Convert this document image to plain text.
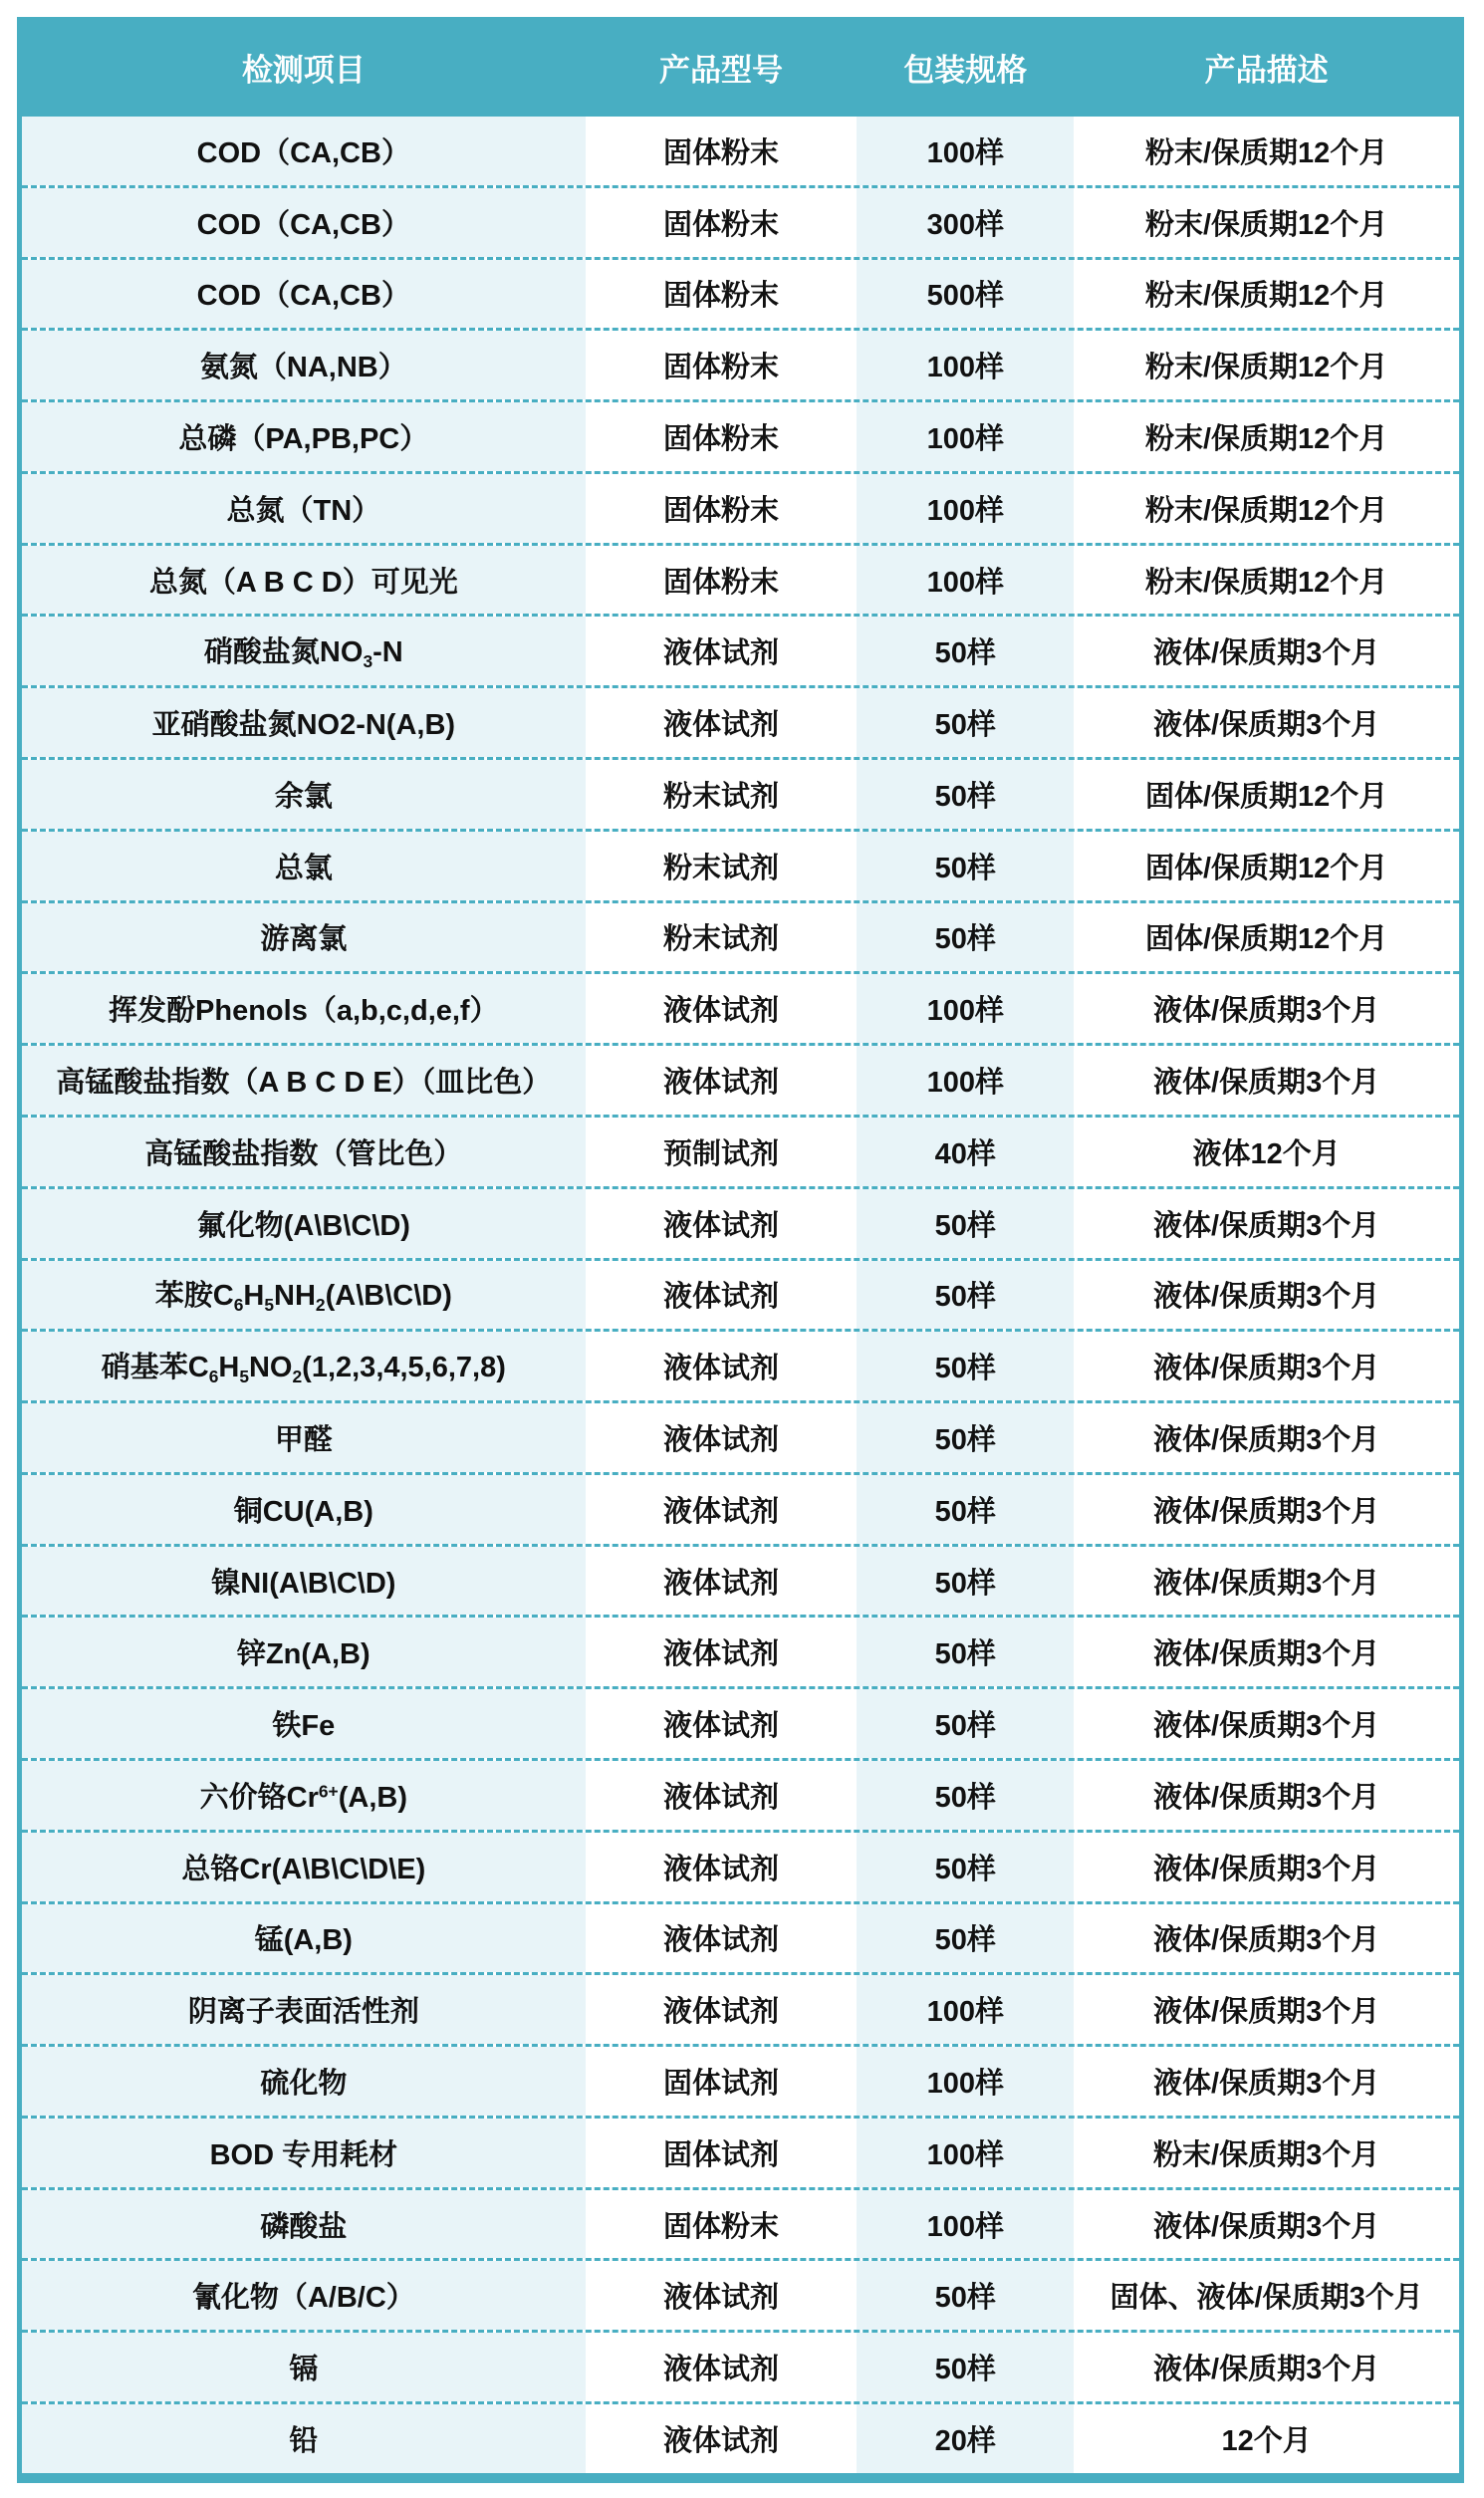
检测项目	产品型号	包装规格	产品描述
COD（CA,CB）	固体粉末	100样	粉末/保质期12个月
COD（CA,CB）	固体粉末	300样	粉末/保质期12个月
COD（CA,CB）	固体粉末	500样	粉末/保质期12个月
氨氮（NA,NB）	固体粉末	100样	粉末/保质期12个月
总磷（PA,PB,PC）	固体粉末	100样	粉末/保质期12个月
总氮（TN）	固体粉末	100样	粉末/保质期12个月
总氮（A B C D）可见光	固体粉末	100样	粉末/保质期12个月
硝酸盐氮$NO_3-N$	液体试剂	50样	液体/保质期3个月
亚硝酸盐氮NO2-N(A,B)	液体试剂	50样	液体/保质期3个月
余氯	粉末试剂	50样	固体/保质期12个月
总氯	粉末试剂	50样	固体/保质期12个月
游离氯	粉末试剂	50样	固体/保质期12个月
挥发酚Phenols（a,b,c,d,e,f）	液体试剂	100样	液体/保质期3个月
高锰酸盐指数（A B C D E）（皿比色）	液体试剂	100样	液体/保质期3个月
高锰酸盐指数（管比色）	预制试剂	40样	液体12个月
氟化物(A\B\C\D)	液体试剂	50样	液体/保质期3个月
苯胺$C_6H_5NH_2(A\backslash B\backslash C\backslash D)$	液体试剂	50样	液体/保质期3个月
硝基苯$C_6H_5NO_2(1,2,3,4,5,6,7,8)$	液体试剂	50样	液体/保质期3个月
甲醛	液体试剂	50样	液体/保质期3个月
铜CU(A,B)	液体试剂	50样	液体/保质期3个月
镍NI(A\B\C\D)	液体试剂	50样	液体/保质期3个月
锌Zn(A,B)	液体试剂	50样	液体/保质期3个月
铁Fe	液体试剂	50样	液体/保质期3个月
六价铬$Cr^{6+}(A,B)$	液体试剂	50样	液体/保质期3个月
总铬Cr(A\B\C\D\E)	液体试剂	50样	液体/保质期3个月
锰(A,B)	液体试剂	50样	液体/保质期3个月
阴离子表面活性剂	液体试剂	100样	液体/保质期3个月
硫化物	固体试剂	100样	液体/保质期3个月
BOD 专用耗材	固体试剂	100样	粉末/保质期3个月
磷酸盐	固体粉末	100样	液体/保质期3个月
氰化物（A/B/C）	液体试剂	50样	固体、液体/保质期3个月
镉	液体试剂	50样	液体/保质期3个月
铅	液体试剂	20样	12个月
